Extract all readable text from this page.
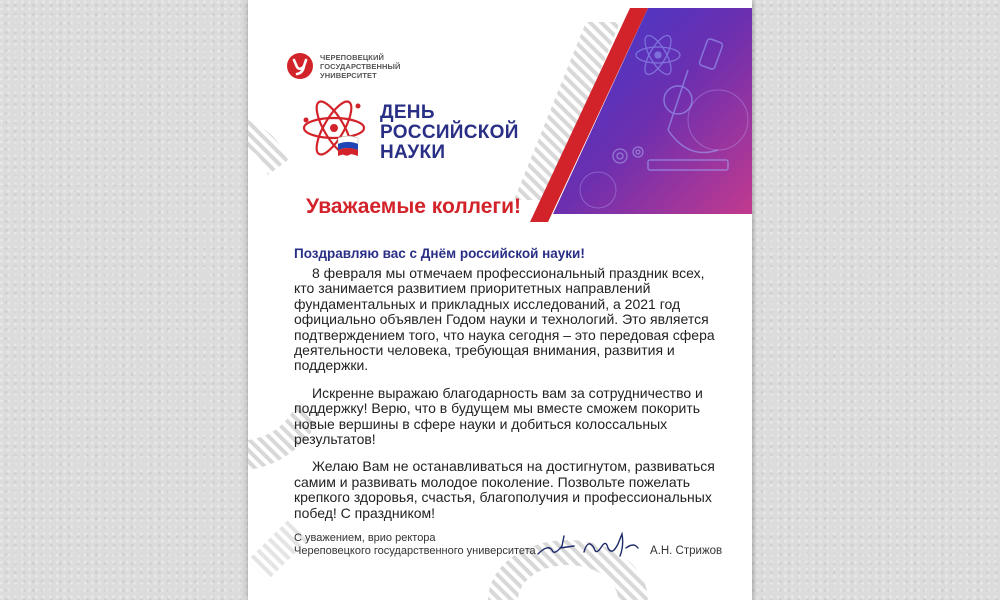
ЧЕРЕПОВЕЦКИЙ
ГОСУДАРСТВЕННЫЙ
УНИВЕРСИТЕТ
ДЕНЬ
РОССИЙСКОЙ
НАУКИ
Уважаемые коллеги!
Поздравляю вас с Днём российской науки!

8 февраля мы отмечаем профессиональный праздник всех, кто занимается развитием приоритетных направлений фундаментальных и прикладных исследований, а 2021 год официально объявлен Годом науки и технологий. Это является подтверждением того, что наука сегодня – это передовая сфера деятельности человека, требующая внимания, развития и поддержки.

Искренне выражаю благодарность вам за сотрудничество и поддержку! Верю, что в будущем мы вместе сможем покорить новые вершины в сфере науки и добиться колоссальных результатов!

Желаю Вам не останавливаться на достигнутом, развиваться самим и развивать молодое поколение. Позвольте пожелать крепкого здоровья, счастья, благополучия и профессиональных побед! С праздником!

С уважением, врио ректора
Череповецкого государственного университета	А.Н. Стрижов
